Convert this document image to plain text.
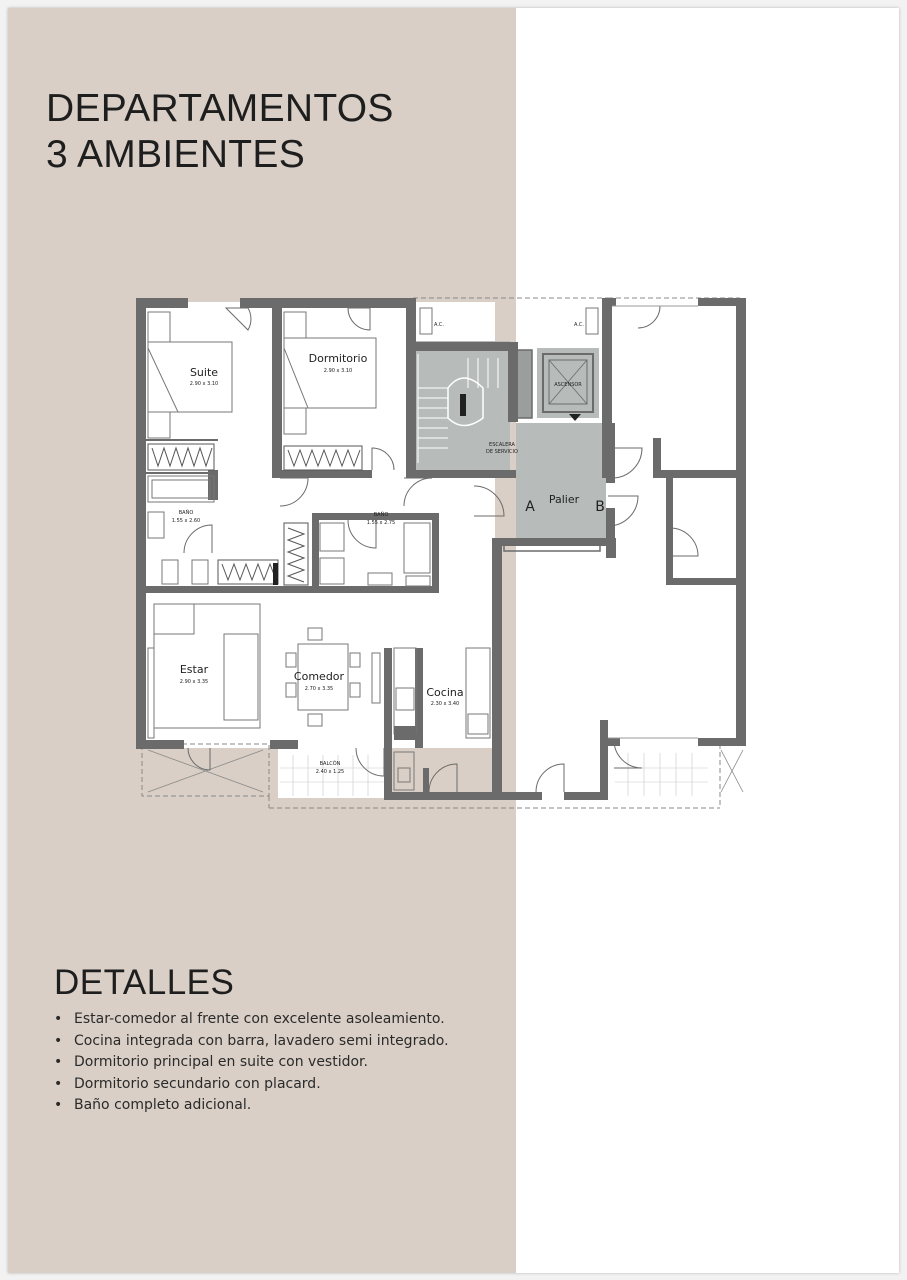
DEPARTAMENTOS
3 AMBIENTES
Suite
2.90 x 3.10
Dormitorio
2.90 x 3.10
BAÑO
1.55 x 2.60
BAÑO
1.55 x 2.75
Estar
2.90 x 3.35	Comedor
2.70 x 3.35	Cocina
2.30 x 3.40
BALCÓN
2.40 x 1.25
A.C.	A.C.
ASCENSOR
ESCALERA
DE SERVICIO
Palier
A	B
DETALLES
• Estar-comedor al frente con excelente asoleamiento.
• Cocina integrada con barra, lavadero semi integrado.
• Dormitorio principal en suite con vestidor.
• Dormitorio secundario con placard.
• Baño completo adicional.
